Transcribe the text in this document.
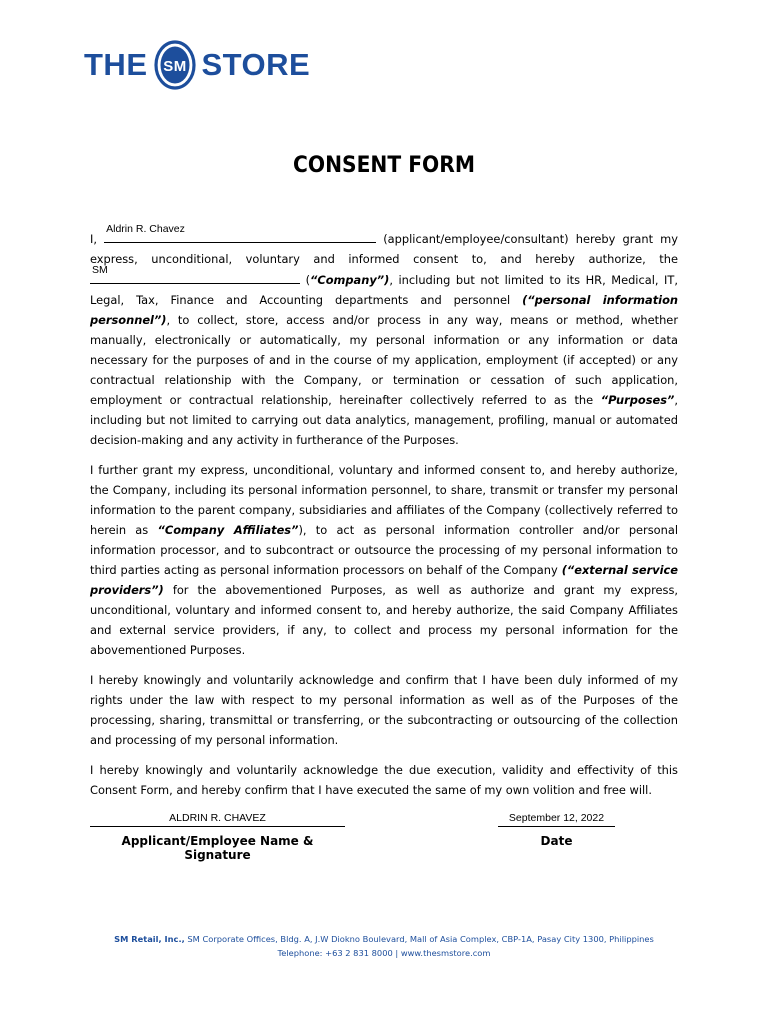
THE SM STORE
CONSENT FORM

I,
Aldrin R. Chavez
(applicant/employee/consultant) hereby grant my express, unconditional, voluntary and informed consent to, and hereby authorize, the
SM
(“Company”), including but not limited to its HR, Medical, IT, Legal, Tax, Finance and Accounting departments and personnel (“personal information personnel”), to collect, store, access and/or process in any way, means or method, whether manually, electronically or automatically, my personal information or any information or data necessary for the purposes of and in the course of my application, employment (if accepted) or any contractual relationship with the Company, or termination or cessation of such application, employment or contractual relationship, hereinafter collectively referred to as the “Purposes”, including but not limited to carrying out data analytics, management, profiling, manual or automated decision-making and any activity in furtherance of the Purposes.

I further grant my express, unconditional, voluntary and informed consent to, and hereby authorize, the Company, including its personal information personnel, to share, transmit or transfer my personal information to the parent company, subsidiaries and affiliates of the Company (collectively referred to herein as “Company Affiliates”), to act as personal information controller and/or personal information processor, and to subcontract or outsource the processing of my personal information to third parties acting as personal information processors on behalf of the Company (“external service providers”) for the abovementioned Purposes, as well as authorize and grant my express, unconditional, voluntary and informed consent to, and hereby authorize, the said Company Affiliates and external service providers, if any, to collect and process my personal information for the abovementioned Purposes.

I hereby knowingly and voluntarily acknowledge and confirm that I have been duly informed of my rights under the law with respect to my personal information as well as of the Purposes of the processing, sharing, transmittal or transferring, or the subcontracting or outsourcing of the collection and processing of my personal information.

I hereby knowingly and voluntarily acknowledge the due execution, validity and effectivity of this Consent Form, and hereby confirm that I have executed the same of my own volition and free will.

ALDRIN R. CHAVEZ
Applicant/Employee Name & Signature
September 12, 2022
Date
SM Retail, Inc., SM Corporate Offices, Bldg. A, J.W Diokno Boulevard, Mall of Asia Complex, CBP-1A, Pasay City 1300, Philippines
Telephone: +63 2 831 8000 | www.thesmstore.com
